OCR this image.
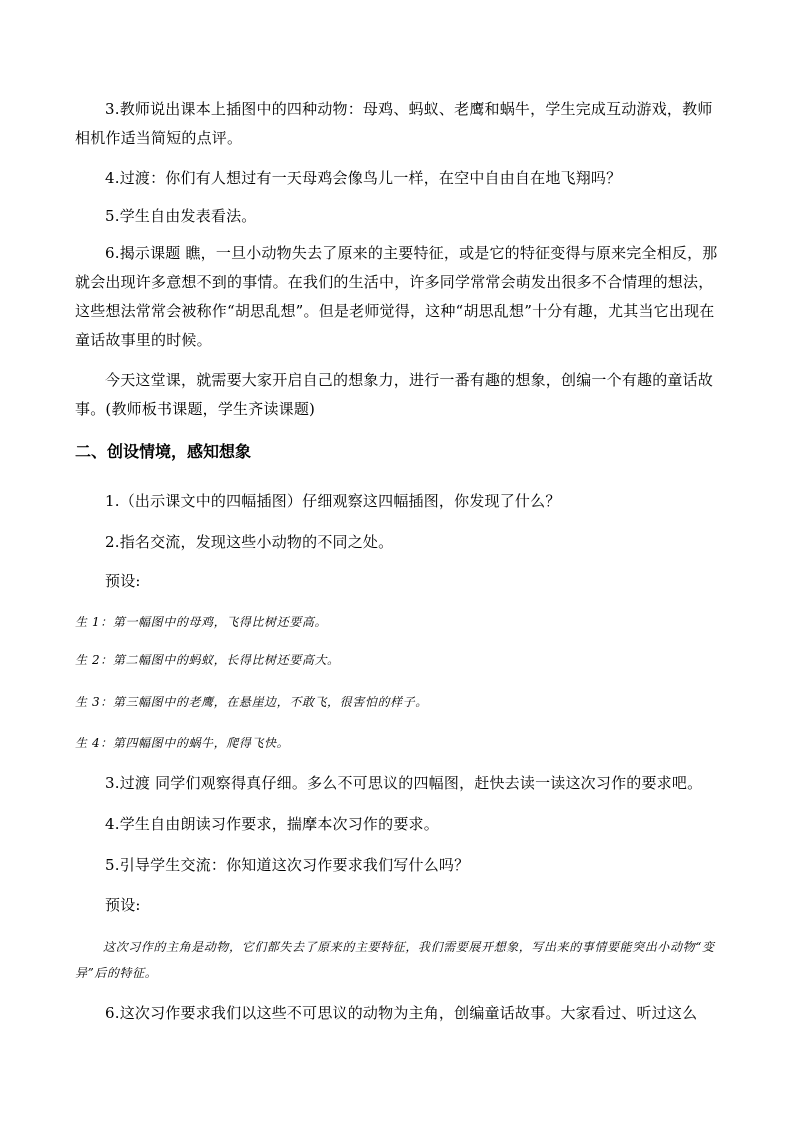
3.教师说出课本上插图中的四种动物：母鸡、蚂蚁、老鹰和蜗牛，学生完成互动游戏，教师相机作适当简短的点评。

4.过渡：你们有人想过有一天母鸡会像鸟儿一样，在空中自由自在地飞翔吗？

5.学生自由发表看法。

6.揭示课题 瞧，一旦小动物失去了原来的主要特征，或是它的特征变得与原来完全相反，那就会出现许多意想不到的事情。在我们的生活中，许多同学常常会萌发出很多不合情理的想法，这些想法常常会被称作“胡思乱想”。但是老师觉得，这种“胡思乱想”十分有趣，尤其当它出现在童话故事里的时候。

今天这堂课，就需要大家开启自己的想象力，进行一番有趣的想象，创编一个有趣的童话故事。(教师板书课题，学生齐读课题)

二、创设情境，感知想象

1.（出示课文中的四幅插图）仔细观察这四幅插图，你发现了什么？

2.指名交流，发现这些小动物的不同之处。

预设:

生 1：第一幅图中的母鸡，飞得比树还要高。

生 2：第二幅图中的蚂蚁，长得比树还要高大。

生 3：第三幅图中的老鹰，在悬崖边，不敢飞，很害怕的样子。

生 4：第四幅图中的蜗牛，爬得飞快。

3.过渡 同学们观察得真仔细。多么不可思议的四幅图，赶快去读一读这次习作的要求吧。

4.学生自由朗读习作要求，揣摩本次习作的要求。

5.引导学生交流：你知道这次习作要求我们写什么吗？

预设:

这次习作的主角是动物，它们都失去了原来的主要特征，我们需要展开想象，写出来的事情要能突出小动物“变异”后的特征。

6.这次习作要求我们以这些不可思议的动物为主角，创编童话故事。大家看过、听过这么
